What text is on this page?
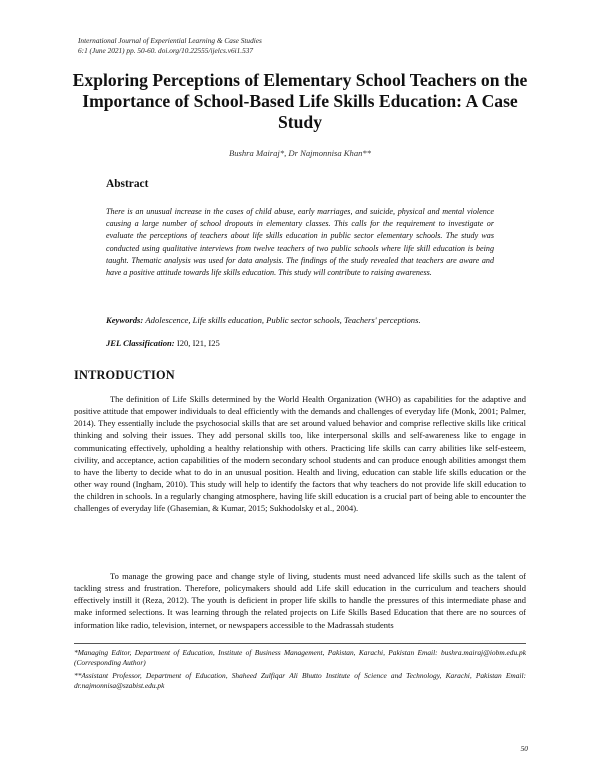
International Journal of Experiential Learning & Case Studies
6:1 (June 2021) pp. 50-60. doi.org/10.22555/ijelcs.v6i1.537
Exploring Perceptions of Elementary School Teachers on the Importance of School-Based Life Skills Education: A Case Study
Bushra Mairaj*, Dr Najmonnisa Khan**
Abstract
There is an unusual increase in the cases of child abuse, early marriages, and suicide, physical and mental violence causing a large number of school dropouts in elementary classes. This calls for the requirement to investigate or evaluate the perceptions of teachers about life skills education in public sector elementary schools. The study was conducted using qualitative interviews from twelve teachers of two public schools where life skill education is being taught. Thematic analysis was used for data analysis. The findings of the study revealed that teachers are aware and have a positive attitude towards life skills education. This study will contribute to raising awareness.
Keywords: Adolescence, Life skills education, Public sector schools, Teachers' perceptions.
JEL Classification: I20, I21, I25
INTRODUCTION

The definition of Life Skills determined by the World Health Organization (WHO) as capabilities for the adaptive and positive attitude that empower individuals to deal efficiently with the demands and challenges of everyday life (Monk, 2001; Palmer, 2014). They essentially include the psychosocial skills that are set around valued behavior and comprise reflective skills like critical thinking and solving their issues. They add personal skills too, like interpersonal skills and self-awareness like to engage in communicating effectively, upholding a healthy relationship with others. Practicing life skills can carry abilities like self-esteem, civility, and acceptance, action capabilities of the modern secondary school students and can produce enough abilities amongst them to have the liberty to decide what to do in an unusual position. Health and living, education can stable life skills education or the other way round (Ingham, 2010). This study will help to identify the factors that why teachers do not provide life skill education to the children in schools. In a regularly changing atmosphere, having life skill education is a crucial part of being able to encounter the challenges of everyday life (Ghasemian, & Kumar, 2015; Sukhodolsky et al., 2004).

To manage the growing pace and change style of living, students must need advanced life skills such as the talent of tackling stress and frustration. Therefore, policymakers should add Life skill education in the curriculum and teachers should effectively instill it (Reza, 2012). The youth is deficient in proper life skills to handle the pressures of this intermediate phase and make informed selections. It was learning through the related projects on Life Skills Based Education that there are no sources of information like radio, television, internet, or newspapers accessible to the Madrassah students

*Managing Editor, Department of Education, Institute of Business Management, Pakistan, Karachi, Pakistan Email: bushra.mairaj@iobm.edu.pk (Corresponding Author)

**Assistant Professor, Department of Education, Shaheed Zulfiqar Ali Bhutto Institute of Science and Technology, Karachi, Pakistan Email: dr.najmonnisa@szabist.edu.pk

50
